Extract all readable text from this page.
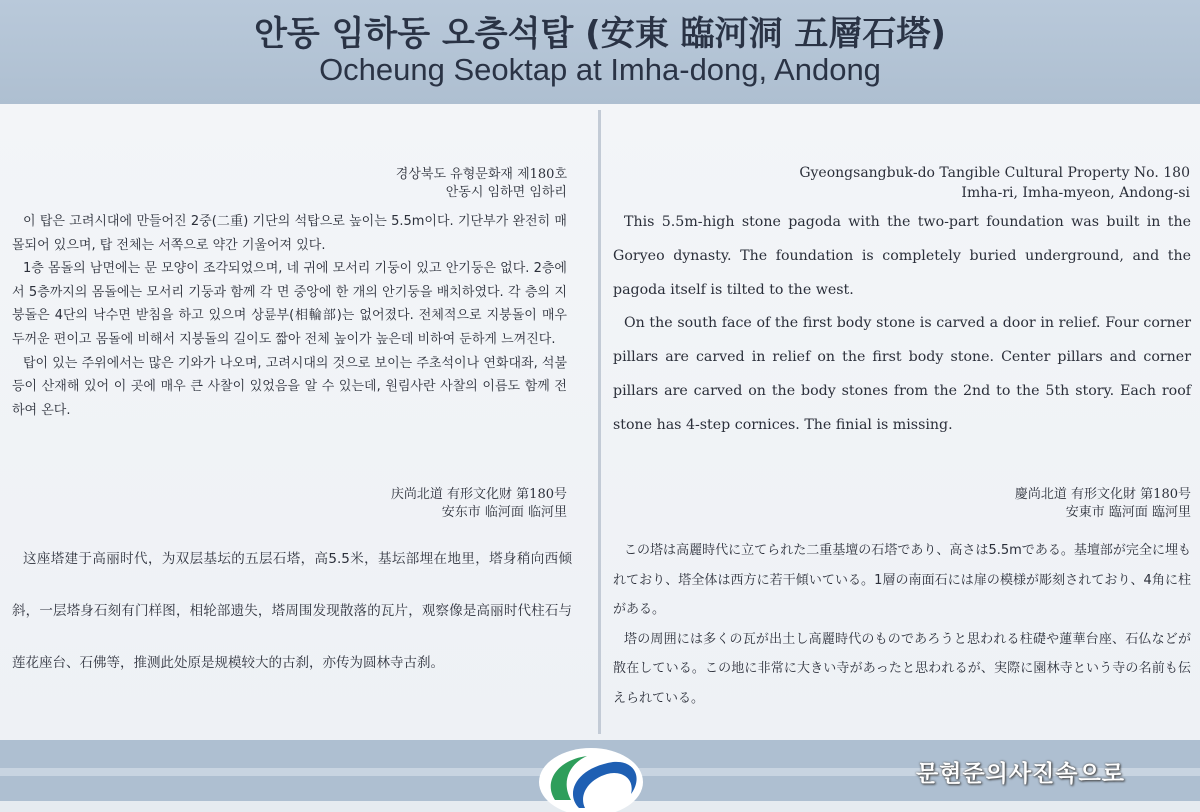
안동 임하동 오층석탑 (安東 臨河洞 五層石塔)
Ocheung Seoktap at Imha-dong, Andong
경상북도 유형문화재 제180호
안동시 임하면 임하리

이 탑은 고려시대에 만들어진 2중(二重) 기단의 석탑으로 높이는 5.5m이다. 기단부가 완전히 매몰되어 있으며, 탑 전체는 서쪽으로 약간 기울어져 있다.

1층 몸돌의 남면에는 문 모양이 조각되었으며, 네 귀에 모서리 기둥이 있고 안기둥은 없다. 2층에서 5층까지의 몸돌에는 모서리 기둥과 함께 각 면 중앙에 한 개의 안기둥을 배치하였다. 각 층의 지붕돌은 4단의 낙수면 받침을 하고 있으며 상륜부(相輪部)는 없어졌다. 전체적으로 지붕돌이 매우 두꺼운 편이고 몸돌에 비해서 지붕돌의 길이도 짧아 전체 높이가 높은데 비하여 둔하게 느껴진다.

탑이 있는 주위에서는 많은 기와가 나오며, 고려시대의 것으로 보이는 주초석이나 연화대좌, 석불 등이 산재해 있어 이 곳에 매우 큰 사찰이 있었음을 알 수 있는데, 원림사란 사찰의 이름도 함께 전하여 온다.

Gyeongsangbuk-do Tangible Cultural Property No. 180
Imha-ri, Imha-myeon, Andong-si

This 5.5m-high stone pagoda with the two-part foundation was built in the Goryeo dynasty. The foundation is completely buried underground, and the pagoda itself is tilted to the west.

On the south face of the first body stone is carved a door in relief. Four corner pillars are carved in relief on the first body stone. Center pillars and corner pillars are carved on the body stones from the 2nd to the 5th story. Each roof stone has 4-step cornices. The finial is missing.

庆尚北道 有形文化财 第180号
安东市 临河面 临河里

这座塔建于高丽时代，为双层基坛的五层石塔，高5.5米，基坛部埋在地里，塔身稍向西倾斜，一层塔身石刻有门样图，相轮部遗失，塔周围发现散落的瓦片，观察像是高丽时代柱石与莲花座台、石佛等，推测此处原是规模较大的古刹，亦传为圆林寺古刹。

慶尚北道 有形文化財 第180号
安東市 臨河面 臨河里

この塔は高麗時代に立てられた二重基壇の石塔であり、高さは5.5mである。基壇部が完全に埋もれており、塔全体は西方に若干傾いている。1層の南面石には扉の模様が彫刻されており、4角に柱がある。

塔の周囲には多くの瓦が出土し高麗時代のものであろうと思われる柱礎や蓮華台座、石仏などが散在している。この地に非常に大きい寺があったと思われるが、実際に園林寺という寺の名前も伝えられている。

문현준의사진속으로
